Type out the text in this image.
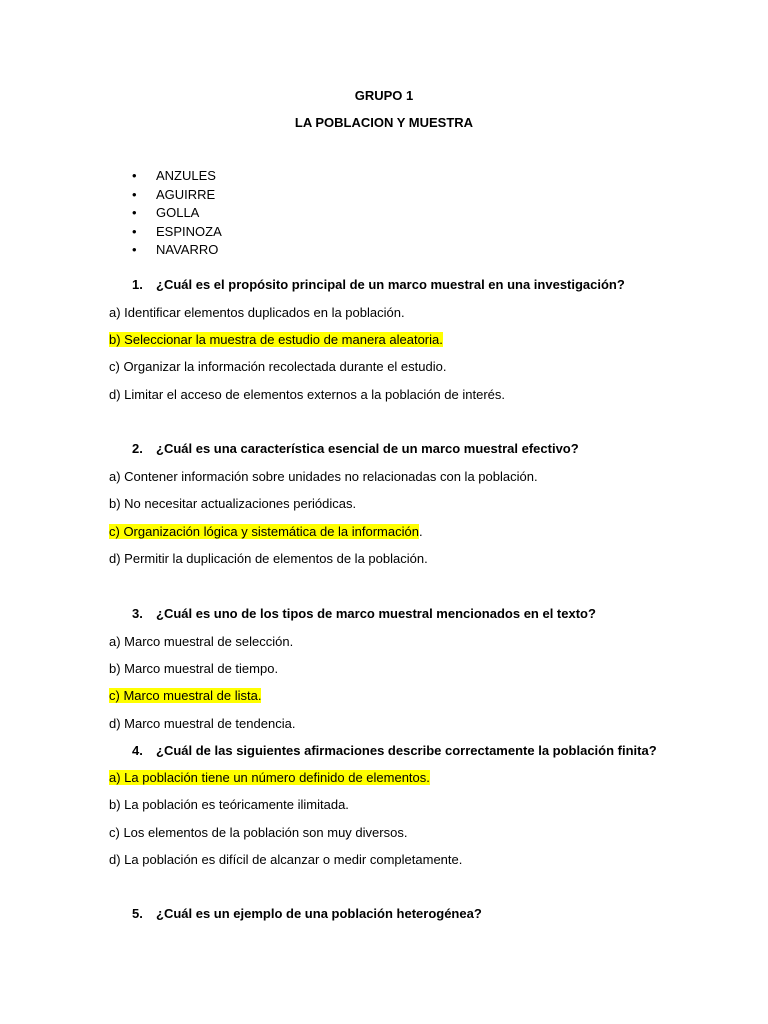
GRUPO 1
LA POBLACION Y MUESTRA
• ANZULES
• AGUIRRE
• GOLLA
• ESPINOZA
• NAVARRO
1. ¿Cuál es el propósito principal de un marco muestral en una investigación?
a) Identificar elementos duplicados en la población.
b) Seleccionar la muestra de estudio de manera aleatoria.
c) Organizar la información recolectada durante el estudio.
d) Limitar el acceso de elementos externos a la población de interés.
2. ¿Cuál es una característica esencial de un marco muestral efectivo?
a) Contener información sobre unidades no relacionadas con la población.
b) No necesitar actualizaciones periódicas.
c) Organización lógica y sistemática de la información.
d) Permitir la duplicación de elementos de la población.
3. ¿Cuál es uno de los tipos de marco muestral mencionados en el texto?
a) Marco muestral de selección.
b) Marco muestral de tiempo.
c) Marco muestral de lista.
d) Marco muestral de tendencia.
4. ¿Cuál de las siguientes afirmaciones describe correctamente la población finita?
a) La población tiene un número definido de elementos.
b) La población es teóricamente ilimitada.
c) Los elementos de la población son muy diversos.
d) La población es difícil de alcanzar o medir completamente.
5. ¿Cuál es un ejemplo de una población heterogénea?
